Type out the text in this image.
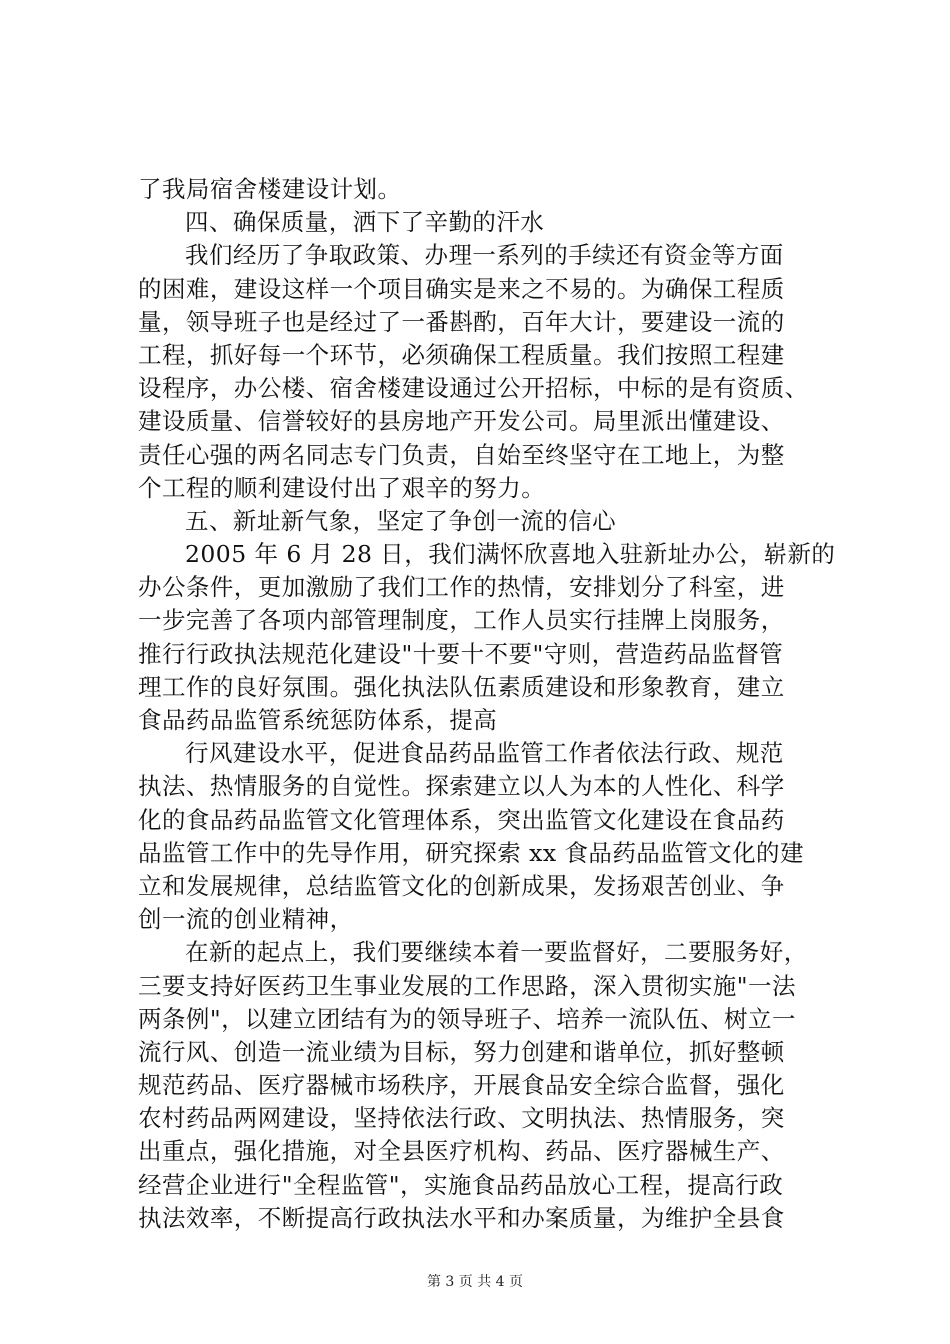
了我局宿舍楼建设计划。
四、确保质量，洒下了辛勤的汗水
我们经历了争取政策、办理一系列的手续还有资金等方面
的困难，建设这样一个项目确实是来之不易的。为确保工程质
量，领导班子也是经过了一番斟酌，百年大计，要建设一流的
工程，抓好每一个环节，必须确保工程质量。我们按照工程建
设程序，办公楼、宿舍楼建设通过公开招标，中标的是有资质、
建设质量、信誉较好的县房地产开发公司。局里派出懂建设、
责任心强的两名同志专门负责，自始至终坚守在工地上，为整
个工程的顺利建设付出了艰辛的努力。
五、新址新气象，坚定了争创一流的信心
2005 年 6 月 28 日，我们满怀欣喜地入驻新址办公，崭新的
办公条件，更加激励了我们工作的热情，安排划分了科室，进
一步完善了各项内部管理制度，工作人员实行挂牌上岗服务，
推行行政执法规范化建设"十要十不要"守则，营造药品监督管
理工作的良好氛围。强化执法队伍素质建设和形象教育，建立
食品药品监管系统惩防体系，提高
行风建设水平，促进食品药品监管工作者依法行政、规范
执法、热情服务的自觉性。探索建立以人为本的人性化、科学
化的食品药品监管文化管理体系，突出监管文化建设在食品药
品监管工作中的先导作用，研究探索 xx 食品药品监管文化的建
立和发展规律，总结监管文化的创新成果，发扬艰苦创业、争
创一流的创业精神，
在新的起点上，我们要继续本着一要监督好，二要服务好，
三要支持好医药卫生事业发展的工作思路，深入贯彻实施"一法
两条例"，以建立团结有为的领导班子、培养一流队伍、树立一
流行风、创造一流业绩为目标，努力创建和谐单位，抓好整顿
规范药品、医疗器械市场秩序，开展食品安全综合监督，强化
农村药品两网建设，坚持依法行政、文明执法、热情服务，突
出重点，强化措施，对全县医疗机构、药品、医疗器械生产、
经营企业进行"全程监管"，实施食品药品放心工程，提高行政
执法效率，不断提高行政执法水平和办案质量，为维护全县食
第 3 页 共 4 页
